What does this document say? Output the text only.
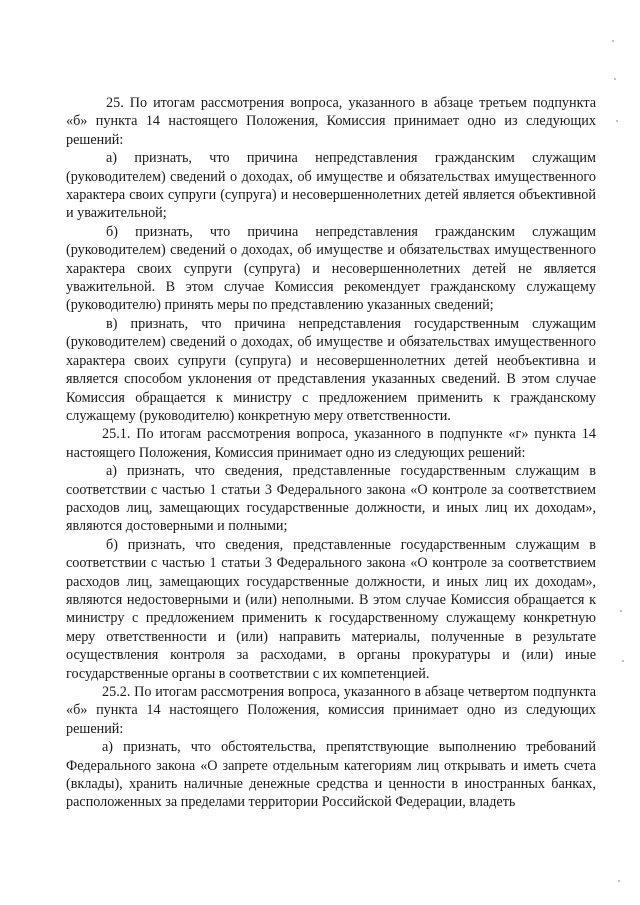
25. По итогам рассмотрения вопроса, указанного в абзаце третьем подпункта «б» пункта 14 настоящего Положения, Комиссия принимает одно из следующих решений:

а) признать, что причина непредставления гражданским служащим (руководителем) сведений о доходах, об имуществе и обязательствах имущественного характера своих супруги (супруга) и несовершеннолетних детей является объективной и уважительной;

б) признать, что причина непредставления гражданским служащим (руководителем) сведений о доходах, об имуществе и обязательствах имущественного характера своих супруги (супруга) и несовершеннолетних детей не является уважительной. В этом случае Комиссия рекомендует гражданскому служащему (руководителю) принять меры по представлению указанных сведений;

в) признать, что причина непредставления государственным служащим (руководителем) сведений о доходах, об имуществе и обязательствах имущественного характера своих супруги (супруга) и несовершеннолетних детей необъективна и является способом уклонения от представления указанных сведений. В этом случае Комиссия обращается к министру с предложением применить к гражданскому служащему (руководителю) конкретную меру ответственности.

25.1. По итогам рассмотрения вопроса, указанного в подпункте «г» пункта 14 настоящего Положения, Комиссия принимает одно из следующих решений:

а) признать, что сведения, представленные государственным служащим в соответствии с частью 1 статьи 3 Федерального закона «О контроле за соответствием расходов лиц, замещающих государственные должности, и иных лиц их доходам», являются достоверными и полными;

б) признать, что сведения, представленные государственным служащим в соответствии с частью 1 статьи 3 Федерального закона «О контроле за соответствием расходов лиц, замещающих государственные должности, и иных лиц их доходам», являются недостоверными и (или) неполными. В этом случае Комиссия обращается к министру с предложением применить к государственному служащему конкретную меру ответственности и (или) направить материалы, полученные в результате осуществления контроля за расходами, в органы прокуратуры и (или) иные государственные органы в соответствии с их компетенцией.

25.2. По итогам рассмотрения вопроса, указанного в абзаце четвертом подпункта «б» пункта 14 настоящего Положения, комиссия принимает одно из следующих решений:

а) признать, что обстоятельства, препятствующие выполнению требований Федерального закона «О запрете отдельным категориям лиц открывать и иметь счета (вклады), хранить наличные денежные средства и ценности в иностранных банках, расположенных за пределами территории Российской Федерации, владеть
